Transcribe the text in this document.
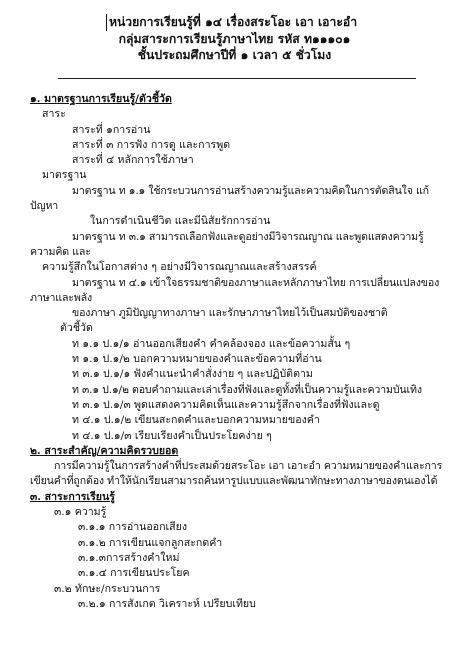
หน่วยการเรียนรู้ที่ ๑๔ เรื่องสระโอะ เอา เอาะอำ
กลุ่มสาระการเรียนรู้ภาษาไทย รหัส ท๑๑๑๐๑
ชั้นประถมศึกษาปีที่ ๑ เวลา ๕ ชั่วโมง
๑. มาตรฐานการเรียนรู้/ตัวชี้วัด
สาระ
สาระที่ ๑การอ่าน
สาระที่ ๓ การฟัง การดู และการพูด
สาระที่ ๔ หลักการใช้ภาษา
มาตรฐาน
มาตรฐาน ท ๑.๑ ใช้กระบวนการอ่านสร้างความรู้และความคิดในการตัดสินใจ แก้ปัญหา
ในการดำเนินชีวิต และมีนิสัยรักการอ่าน
มาตรฐาน ท ๓.๑ สามารถเลือกฟังและดูอย่างมีวิจารณญาณ และพูดแสดงความรู้ ความคิด และ
ความรู้สึกในโอกาสต่าง ๆ อย่างมีวิจารณญาณและสร้างสรรค์
มาตรฐาน ท ๔.๑ เข้าใจธรรมชาติของภาษาและหลักภาษาไทย การเปลี่ยนแปลงของภาษาและพลัง
ของภาษา ภูมิปัญญาทางภาษา และรักษาภาษาไทยไว้เป็นสมบัติของชาติ
ตัวชี้วัด
ท ๑.๑ ป.๑/๑ อ่านออกเสียงคำ คำคล้องจอง และข้อความสั้น ๆ
ท ๑.๑ ป.๑/๒ บอกความหมายของคำและข้อความที่อ่าน
ท ๓.๑ ป.๑/๑ ฟังคำแนะนำคำสั่งง่าย ๆ และปฏิบัติตาม
ท ๓.๑ ป.๑/๒ ตอบคำถามและเล่าเรื่องที่ฟังและดูทั้งที่เป็นความรู้และความบันเทิง
ท ๓.๑ ป.๑/๓ พูดแสดงความคิดเห็นและความรู้สึกจากเรื่องที่ฟังและดู
ท ๔.๑ ป.๑/๒ เขียนสะกดคำและบอกความหมายของคำ
ท ๔.๑ ป.๑/๓ เรียบเรียงคำเป็นประโยคง่าย ๆ
๒. สาระสำคัญ/ความคิดรวบยอด
การมีความรู้ในการสร้างคำที่ประสมด้วยสระโอะ เอา เอาะอำ ความหมายของคำและการเขียนคำที่ถูกต้อง ทำให้นักเรียนสามารถค้นหารูปแบบและพัฒนาทักษะทางภาษาของตนเองได้
๓. สาระการเรียนรู้
๓.๑ ความรู้
๓.๑.๑ การอ่านออกเสียง
๓.๑.๒ การเขียนแจกลูกสะกดคำ
๓.๑.๓การสร้างคำใหม่
๓.๑.๔ การเขียนประโยค
๓.๒ ทักษะ/กระบวนการ
๓.๒.๑ การสังเกต วิเคราะห์ เปรียบเทียบ
